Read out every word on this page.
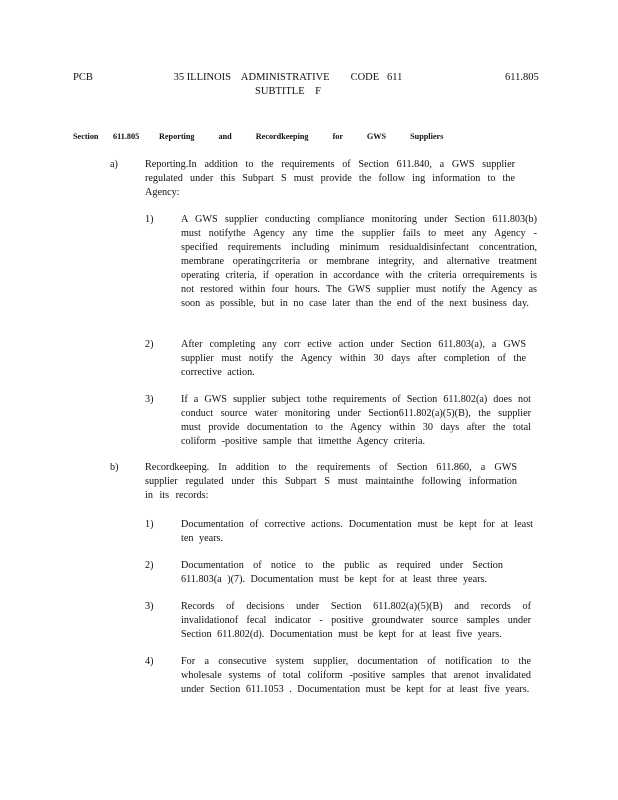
PCB	35 ILLINOIS    ADMINISTRATIVE        CODE   611
SUBTITLE    F
611.805
Section 611.805 Reporting and Recordkeeping for GWS Suppliers
a)	Reporting.In addition to the requirements of Section 611.840, a GWS supplier regulated under this Subpart S must provide the follow ing information to the Agency:
1)	A GWS supplier conducting compliance monitoring under Section 611.803(b) must notifythe Agency any time the supplier fails to meet any Agency -specified requirements including minimum residualdisinfectant concentration, membrane operatingcriteria or membrane integrity, and alternative treatment operating criteria, if operation in accordance with the criteria orrequirements is not restored within four hours. The GWS supplier must notify the Agency as soon as possible, but in no case later than the end of the next business day.
2)	After completing any corr ective action under Section 611.803(a), a GWS supplier must notify the Agency within 30 days after completion of the corrective action.
3)	If a GWS supplier subject tothe requirements of Section 611.802(a) does not conduct source water monitoring under Section611.802(a)(5)(B), the supplier must provide documentation to the Agency within 30 days after the total coliform -positive sample that itmetthe Agency criteria.
b)	Recordkeeping. In addition to the requirements of Section 611.860, a GWS supplier regulated under this Subpart S must maintainthe following information in its records:
1)	Documentation of corrective actions. Documentation must be kept for at least ten years.
2)	Documentation of notice to the public as required under Section 611.803(a )(7). Documentation must be kept for at least three years.
3)	Records of decisions under Section 611.802(a)(5)(B) and records of invalidationof fecal indicator - positive groundwater source samples under Section 611.802(d). Documentation must be kept for at least five years.
4)	For a consecutive system supplier, documentation of notification to the wholesale systems of total coliform -positive samples that arenot invalidated under Section 611.1053 . Documentation must be kept for at least five years.
